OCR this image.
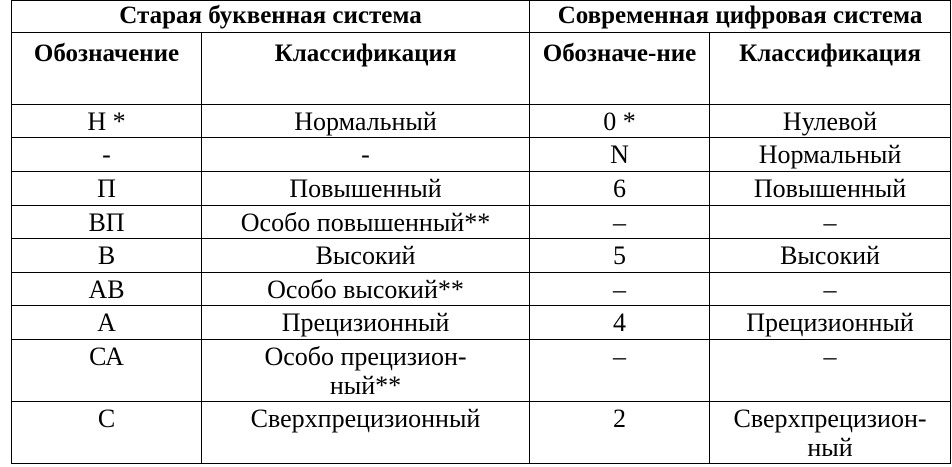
Старая буквенная система		Современная цифровая система	
Обозначение	Классификация	Обозначе-ние	Классификация
Н *	Нормальный	0 *	Нулевой
-	-	N	Нормальный
П	Повышенный	6	Повышенный
ВП	Особо повышенный**	–	–
В	Высокий	5	Высокий
АВ	Особо высокий**	–	–
А	Прецизионный	4	Прецизионный
СА	Особо прецизион-ный**	–	–
С	Сверхпрецизионный	2	Сверхпрецизион-ный
